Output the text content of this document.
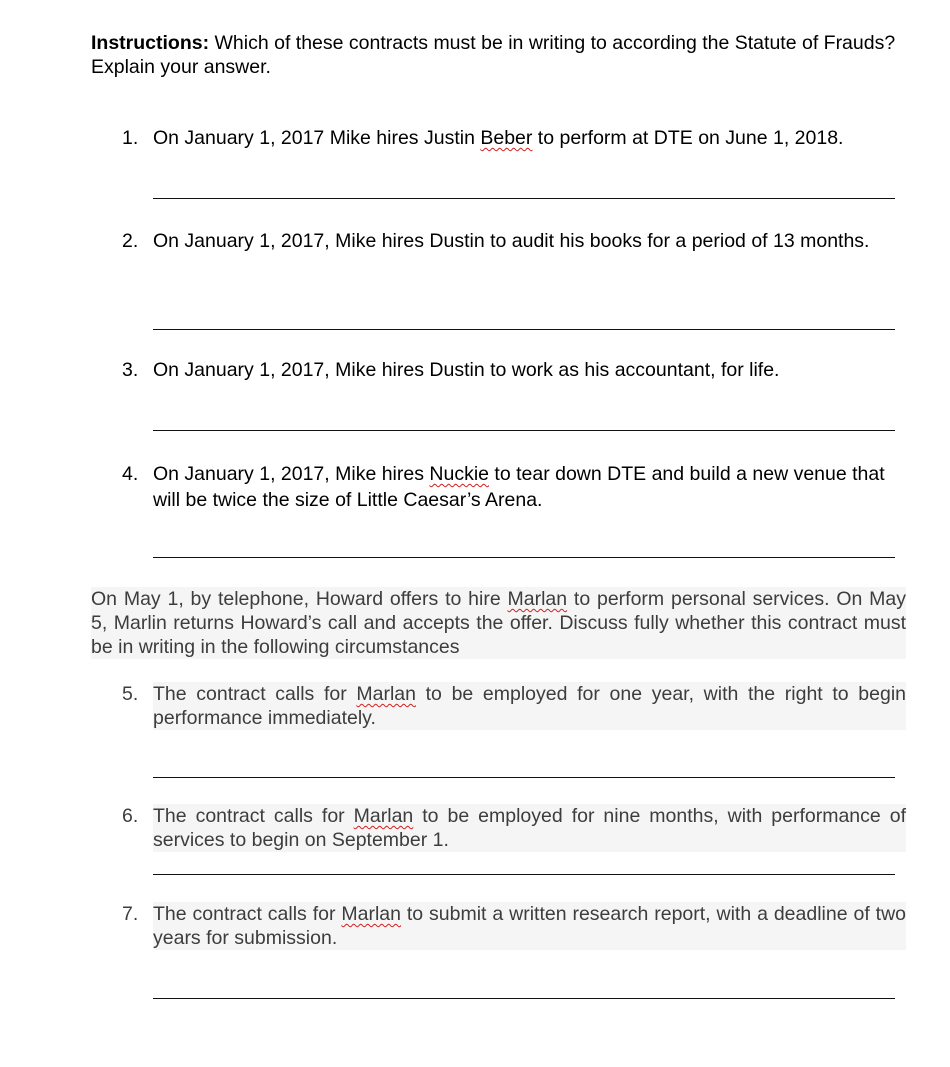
Instructions: Which of these contracts must be in writing to according the Statute of Frauds? Explain your answer.
1. On January 1, 2017 Mike hires Justin Beber to perform at DTE on June 1, 2018.
2. On January 1, 2017, Mike hires Dustin to audit his books for a period of 13 months.
3. On January 1, 2017, Mike hires Dustin to work as his accountant, for life.
4. On January 1, 2017, Mike hires Nuckie to tear down DTE and build a new venue that will be twice the size of Little Caesar’s Arena.
On May 1, by telephone, Howard offers to hire Marlan to perform personal services. On May 5, Marlin returns Howard’s call and accepts the offer. Discuss fully whether this contract must be in writing in the following circumstances
5. The contract calls for Marlan to be employed for one year, with the right to begin performance immediately.
6. The contract calls for Marlan to be employed for nine months, with performance of services to begin on September 1.
7. The contract calls for Marlan to submit a written research report, with a deadline of two years for submission.
